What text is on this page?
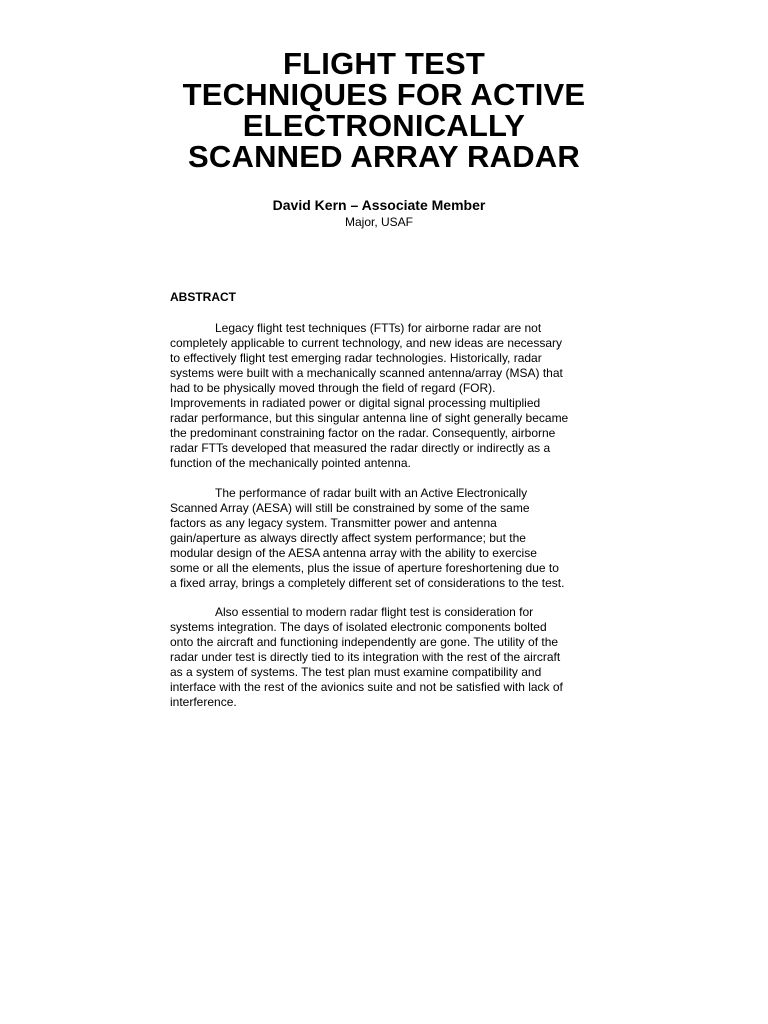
FLIGHT TEST
TECHNIQUES FOR ACTIVE
ELECTRONICALLY
SCANNED ARRAY RADAR
David Kern – Associate Member
Major, USAF
ABSTRACT
Legacy flight test techniques (FTTs) for airborne radar are not
completely applicable to current technology, and new ideas are necessary
to effectively flight test emerging radar technologies. Historically, radar
systems were built with a mechanically scanned antenna/array (MSA) that
had to be physically moved through the field of regard (FOR).
Improvements in radiated power or digital signal processing multiplied
radar performance, but this singular antenna line of sight generally became
the predominant constraining factor on the radar. Consequently, airborne
radar FTTs developed that measured the radar directly or indirectly as a
function of the mechanically pointed antenna.
The performance of radar built with an Active Electronically
Scanned Array (AESA) will still be constrained by some of the same
factors as any legacy system. Transmitter power and antenna
gain/aperture as always directly affect system performance; but the
modular design of the AESA antenna array with the ability to exercise
some or all the elements, plus the issue of aperture foreshortening due to
a fixed array, brings a completely different set of considerations to the test.
Also essential to modern radar flight test is consideration for
systems integration. The days of isolated electronic components bolted
onto the aircraft and functioning independently are gone. The utility of the
radar under test is directly tied to its integration with the rest of the aircraft
as a system of systems. The test plan must examine compatibility and
interface with the rest of the avionics suite and not be satisfied with lack of
interference.
